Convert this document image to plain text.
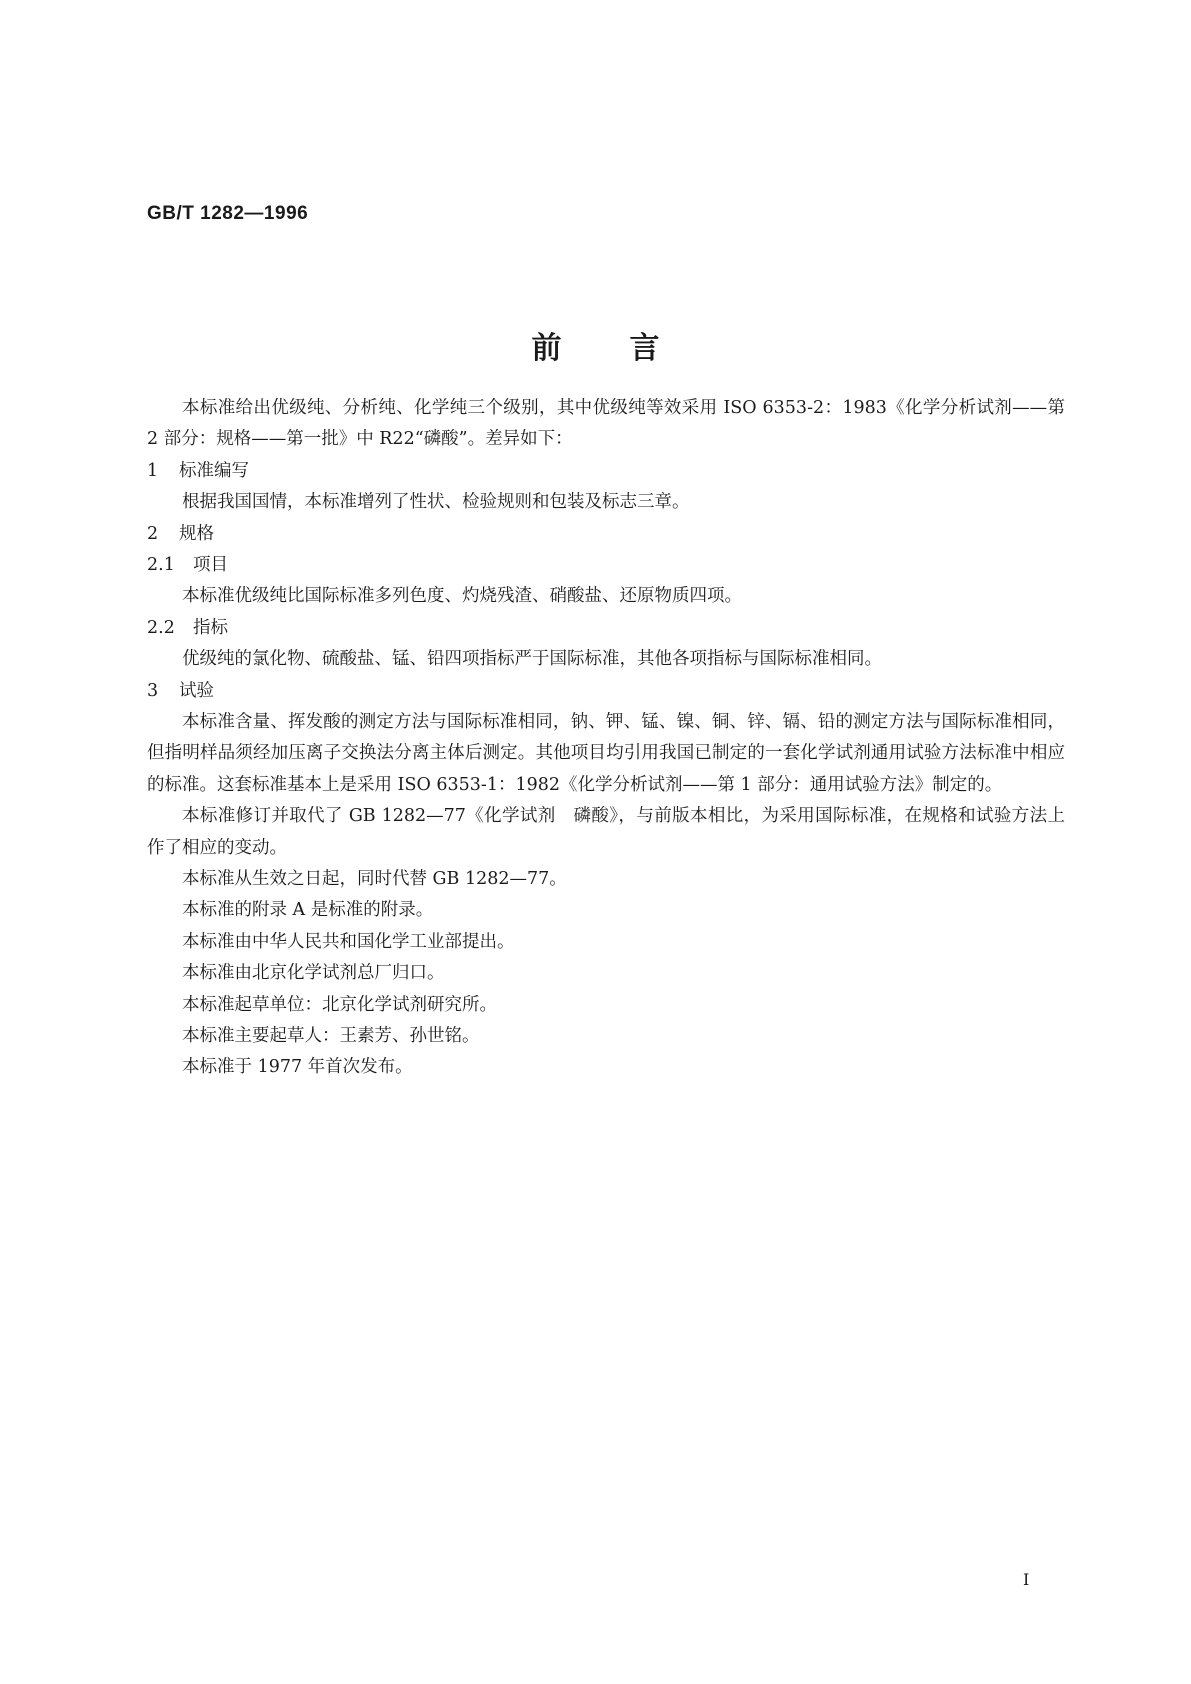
GB/T 1282—1996
前 言
本标准给出优级纯、分析纯、化学纯三个级别，其中优级纯等效采用 ISO 6353-2：1983《化学分析试剂——第 2 部分：规格——第一批》中 R22“磷酸”。差异如下：
1 标准编写
根据我国国情，本标准增列了性状、检验规则和包装及标志三章。
2 规格
2.1 项目
本标准优级纯比国际标准多列色度、灼烧残渣、硝酸盐、还原物质四项。
2.2 指标
优级纯的氯化物、硫酸盐、锰、铅四项指标严于国际标准，其他各项指标与国际标准相同。
3 试验
本标准含量、挥发酸的测定方法与国际标准相同，钠、钾、锰、镍、铜、锌、镉、铅的测定方法与国际标准相同，但指明样品须经加压离子交换法分离主体后测定。其他项目均引用我国已制定的一套化学试剂通用试验方法标准中相应的标准。这套标准基本上是采用 ISO 6353-1：1982《化学分析试剂——第 1 部分：通用试验方法》制定的。
本标准修订并取代了 GB 1282—77《化学试剂　磷酸》，与前版本相比，为采用国际标准，在规格和试验方法上作了相应的变动。
本标准从生效之日起，同时代替 GB 1282—77。
本标准的附录 A 是标准的附录。
本标准由中华人民共和国化学工业部提出。
本标准由北京化学试剂总厂归口。
本标准起草单位：北京化学试剂研究所。
本标准主要起草人：王素芳、孙世铭。
本标准于 1977 年首次发布。
I
